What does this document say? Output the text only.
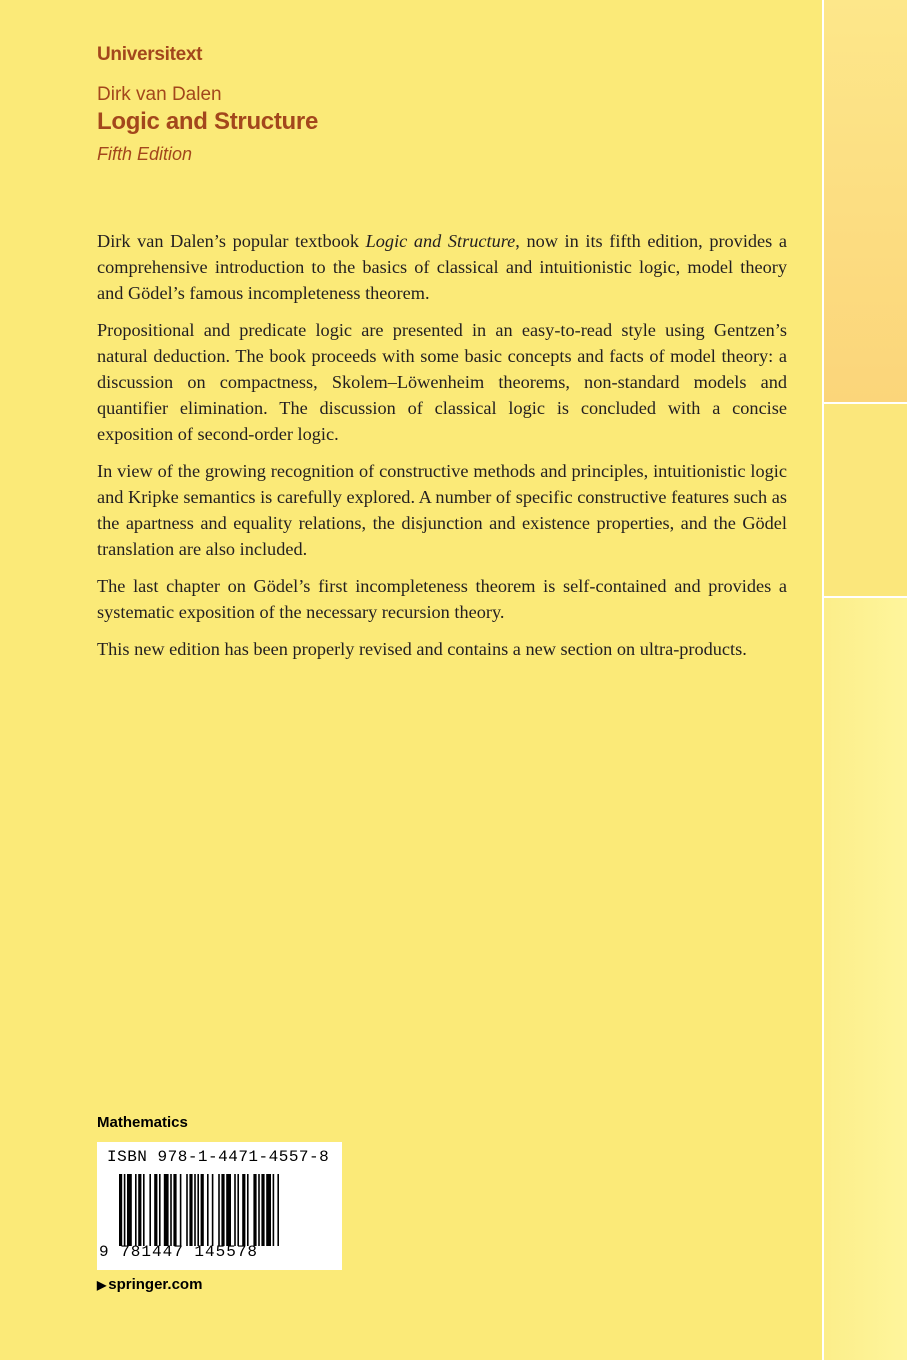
Universitext
Dirk van Dalen
Logic and Structure
Fifth Edition

Dirk van Dalen’s popular textbook Logic and Structure, now in its fifth edition, provides a comprehensive introduction to the basics of classical and intuitionistic logic, model theory and Gödel’s famous incompleteness theorem.

Propositional and predicate logic are presented in an easy-to-read style using Gentzen’s natural deduction. The book proceeds with some basic concepts and facts of model theory: a discussion on compactness, Skolem–Löwenheim theorems, non-standard models and quantifier elimination. The discussion of classical logic is concluded with a concise exposition of second-order logic.

In view of the growing recognition of constructive methods and principles, intuitionistic logic and Kripke semantics is carefully explored. A number of specific constructive features such as the apartness and equality relations, the disjunction and existence properties, and the Gödel translation are also included.

The last chapter on Gödel’s first incompleteness theorem is self-contained and provides a systematic exposition of the necessary recursion theory.

This new edition has been properly revised and contains a new section on ultra-products.

Mathematics
ISBN 978-1-4471-4557-8
9 781447 145578
▶ springer.com
